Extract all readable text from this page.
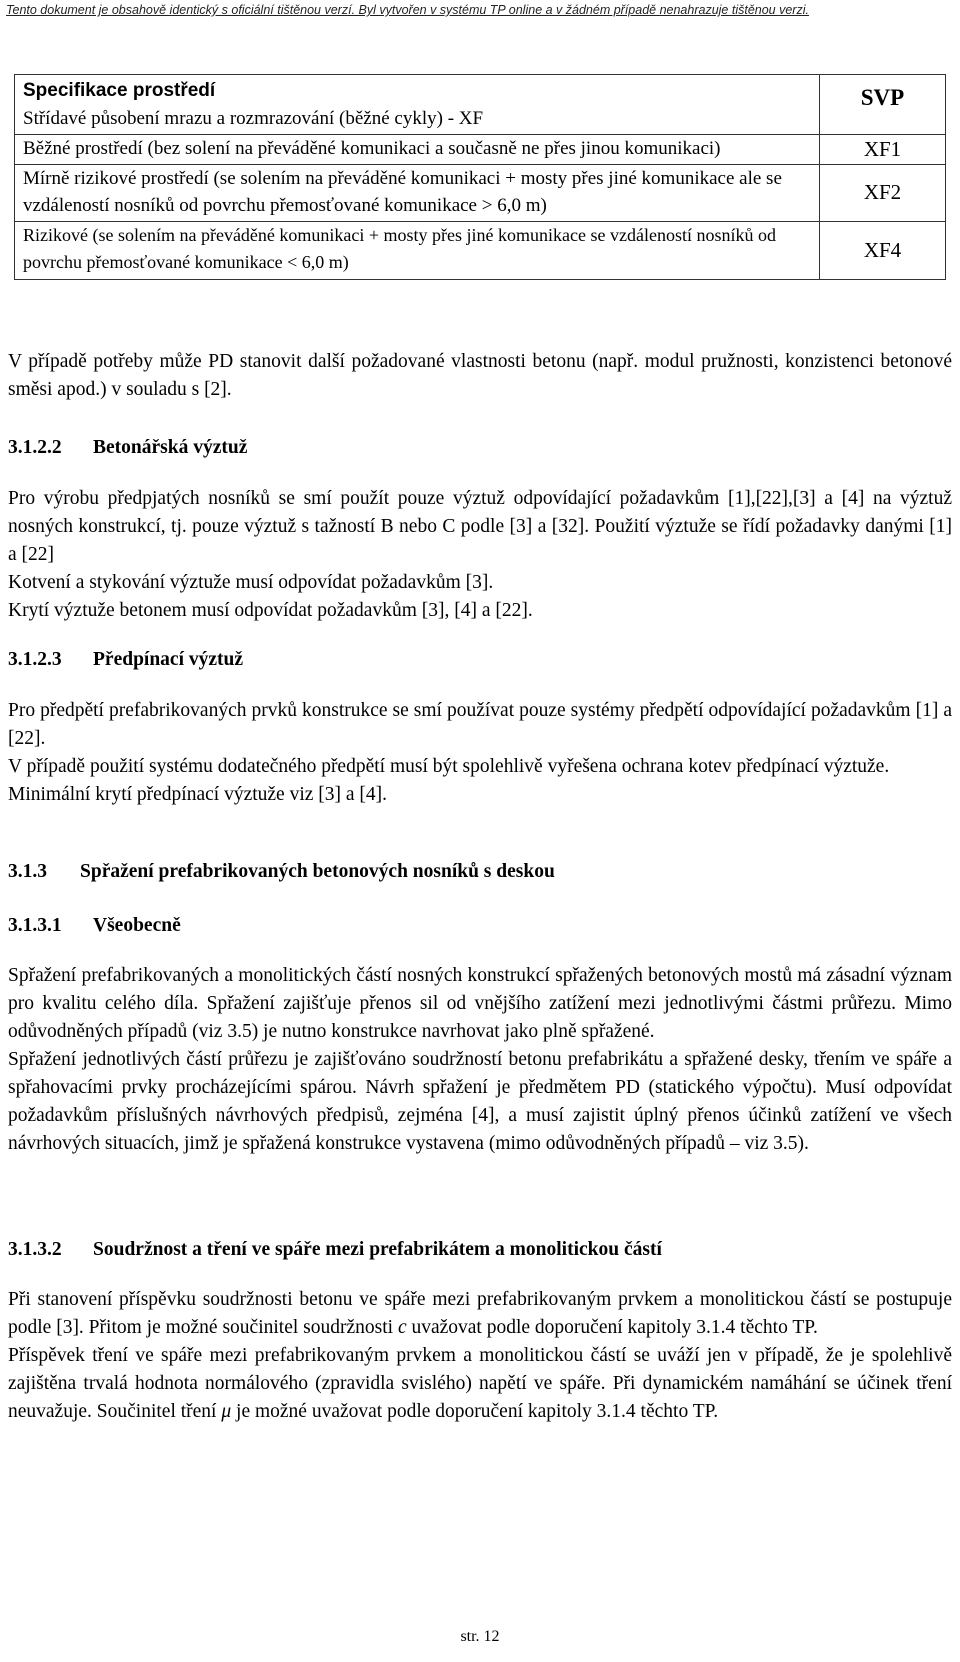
Tento dokument je obsahově identický s oficiální tištěnou verzí. Byl vytvořen v systému TP online a v žádném případě nenahrazuje tištěnou verzi.
Specifikace prostředí
Střídavé působení mrazu a rozmrazování (běžné cykly) - XF	SVP

Běžné prostředí (bez solení na převáděné komunikaci a současně ne přes jinou komunikaci)	XF1

Mírně rizikové prostředí (se solením na převáděné komunikaci + mosty přes jiné komunikace ale se vzdáleností nosníků od povrchu přemosťované komunikace > 6,0 m)	XF2

Rizikové (se solením na převáděné komunikaci + mosty přes jiné komunikace se vzdáleností nosníků od povrchu přemosťované komunikace < 6,0 m)	XF4

V případě potřeby může PD stanovit další požadované vlastnosti betonu (např. modul pružnosti, konzistenci betonové směsi apod.) v souladu s [2].

3.1.2.2 Betonářská výztuž

Pro výrobu předpjatých nosníků se smí použít pouze výztuž odpovídající požadavkům [1],[22],[3] a [4] na výztuž nosných konstrukcí, tj. pouze výztuž s tažností B nebo C podle [3] a [32]. Použití výztuže se řídí požadavky danými [1] a [22]

Kotvení a stykování výztuže musí odpovídat požadavkům [3].

Krytí výztuže betonem musí odpovídat požadavkům [3], [4] a [22].

3.1.2.3 Předpínací výztuž

Pro předpětí prefabrikovaných prvků konstrukce se smí používat pouze systémy předpětí odpovídající požadavkům [1] a [22].

V případě použití systému dodatečného předpětí musí být spolehlivě vyřešena ochrana kotev předpínací výztuže.

Minimální krytí předpínací výztuže viz [3] a [4].

3.1.3 Spřažení prefabrikovaných betonových nosníků s deskou
3.1.3.1 Všeobecně

Spřažení prefabrikovaných a monolitických částí nosných konstrukcí spřažených betonových mostů má zásadní význam pro kvalitu celého díla. Spřažení zajišťuje přenos sil od vnějšího zatížení mezi jednotlivými částmi průřezu. Mimo odůvodněných případů (viz 3.5) je nutno konstrukce navrhovat jako plně spřažené.

Spřažení jednotlivých částí průřezu je zajišťováno soudržností betonu prefabrikátu a spřažené desky, třením ve spáře a spřahovacími prvky procházejícími spárou. Návrh spřažení je předmětem PD (statického výpočtu). Musí odpovídat požadavkům příslušných návrhových předpisů, zejména [4], a musí zajistit úplný přenos účinků zatížení ve všech návrhových situacích, jimž je spřažená konstrukce vystavena (mimo odůvodněných případů – viz 3.5).

3.1.3.2 Soudržnost a tření ve spáře mezi prefabrikátem a monolitickou částí

Při stanovení příspěvku soudržnosti betonu ve spáře mezi prefabrikovaným prvkem a monolitickou částí se postupuje podle [3]. Přitom je možné součinitel soudržnosti c uvažovat podle doporučení kapitoly 3.1.4 těchto TP.

Příspěvek tření ve spáře mezi prefabrikovaným prvkem a monolitickou částí se uváží jen v případě, že je spolehlivě zajištěna trvalá hodnota normálového (zpravidla svislého) napětí ve spáře. Při dynamickém namáhání se účinek tření neuvažuje. Součinitel tření μ je možné uvažovat podle doporučení kapitoly 3.1.4 těchto TP.

str. 12
